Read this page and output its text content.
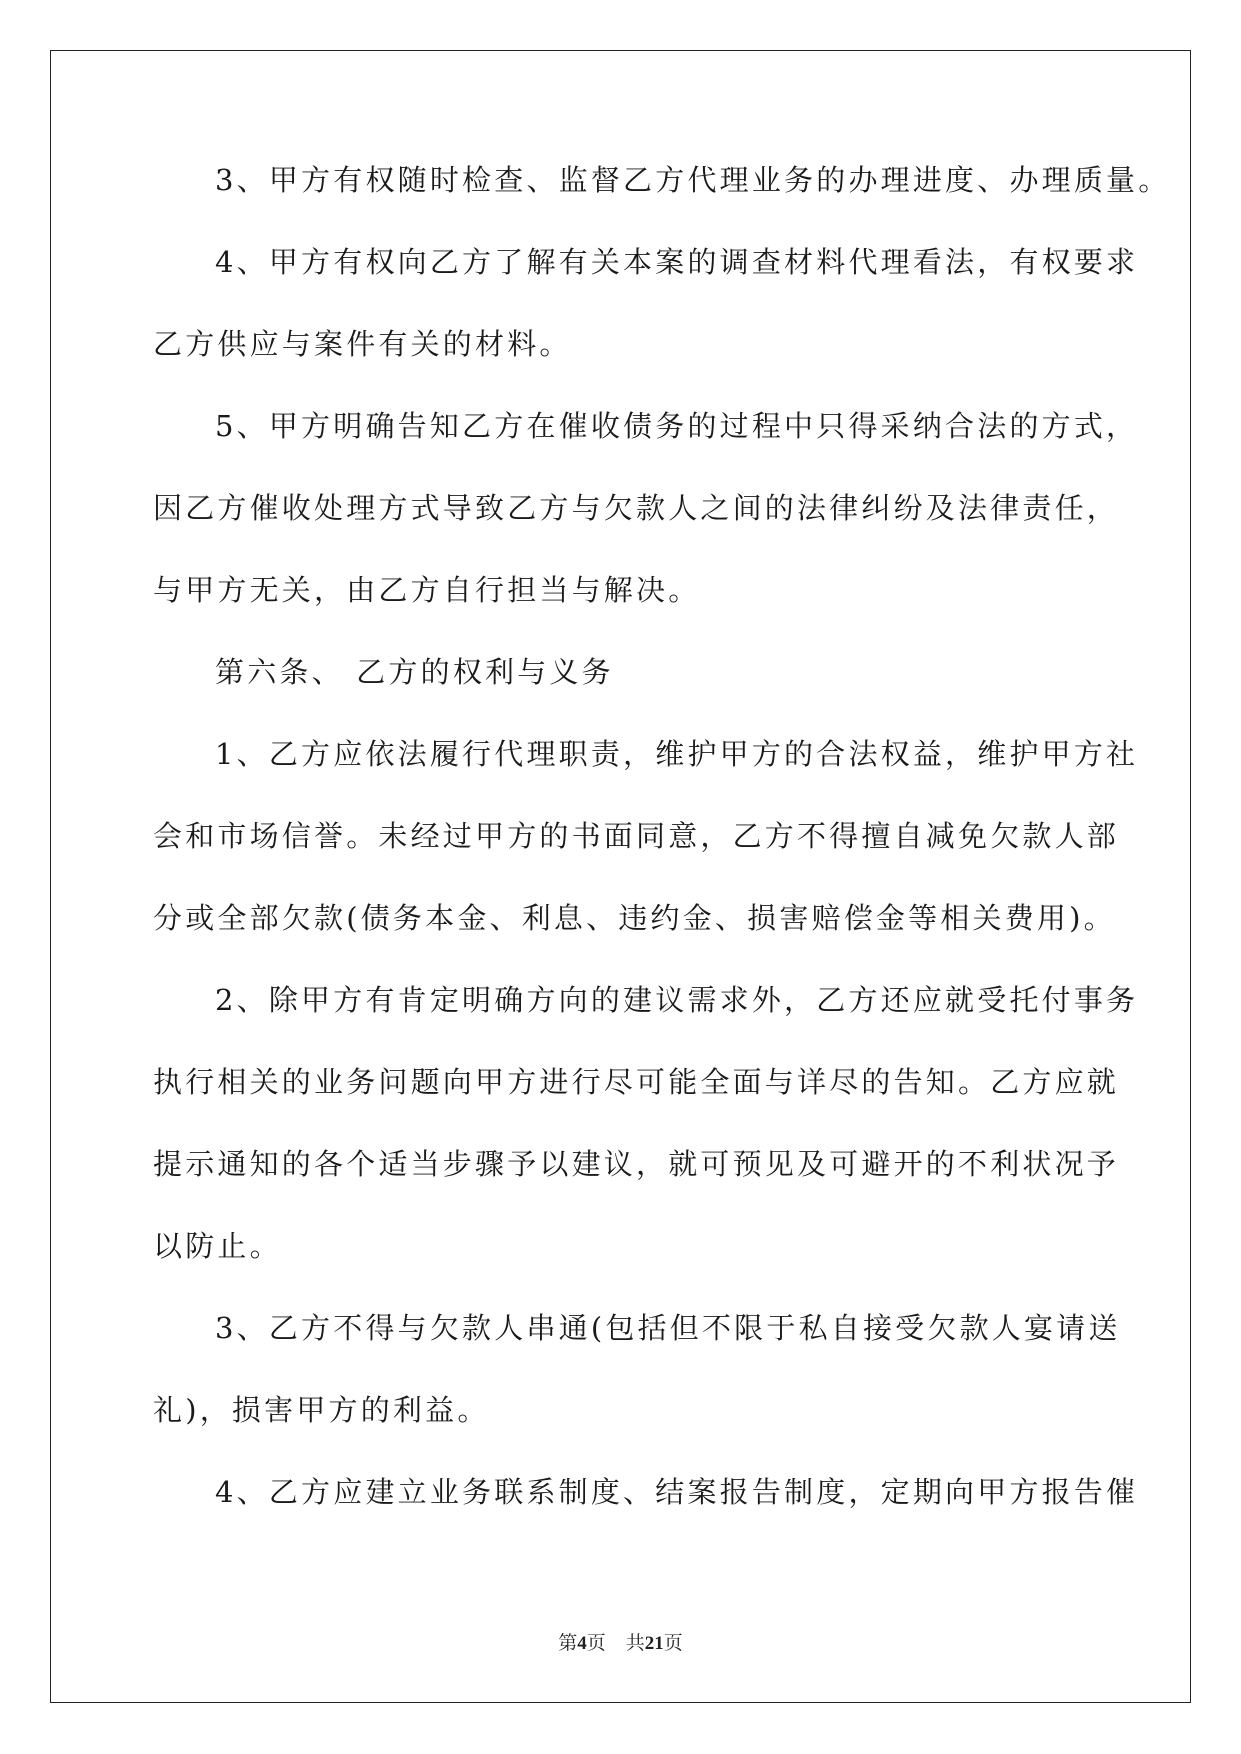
3、甲方有权随时检查、监督乙方代理业务的办理进度、办理质量。
4、甲方有权向乙方了解有关本案的调查材料代理看法，有权要求
乙方供应与案件有关的材料。
5、甲方明确告知乙方在催收债务的过程中只得采纳合法的方式，
因乙方催收处理方式导致乙方与欠款人之间的法律纠纷及法律责任，
与甲方无关，由乙方自行担当与解决。
第六条、 乙方的权利与义务
1、乙方应依法履行代理职责，维护甲方的合法权益，维护甲方社
会和市场信誉。未经过甲方的书面同意，乙方不得擅自减免欠款人部
分或全部欠款(债务本金、利息、违约金、损害赔偿金等相关费用)。
2、除甲方有肯定明确方向的建议需求外，乙方还应就受托付事务
执行相关的业务问题向甲方进行尽可能全面与详尽的告知。乙方应就
提示通知的各个适当步骤予以建议，就可预见及可避开的不利状况予
以防止。
3、乙方不得与欠款人串通(包括但不限于私自接受欠款人宴请送
礼)，损害甲方的利益。
4、乙方应建立业务联系制度、结案报告制度，定期向甲方报告催
第4页 共21页
